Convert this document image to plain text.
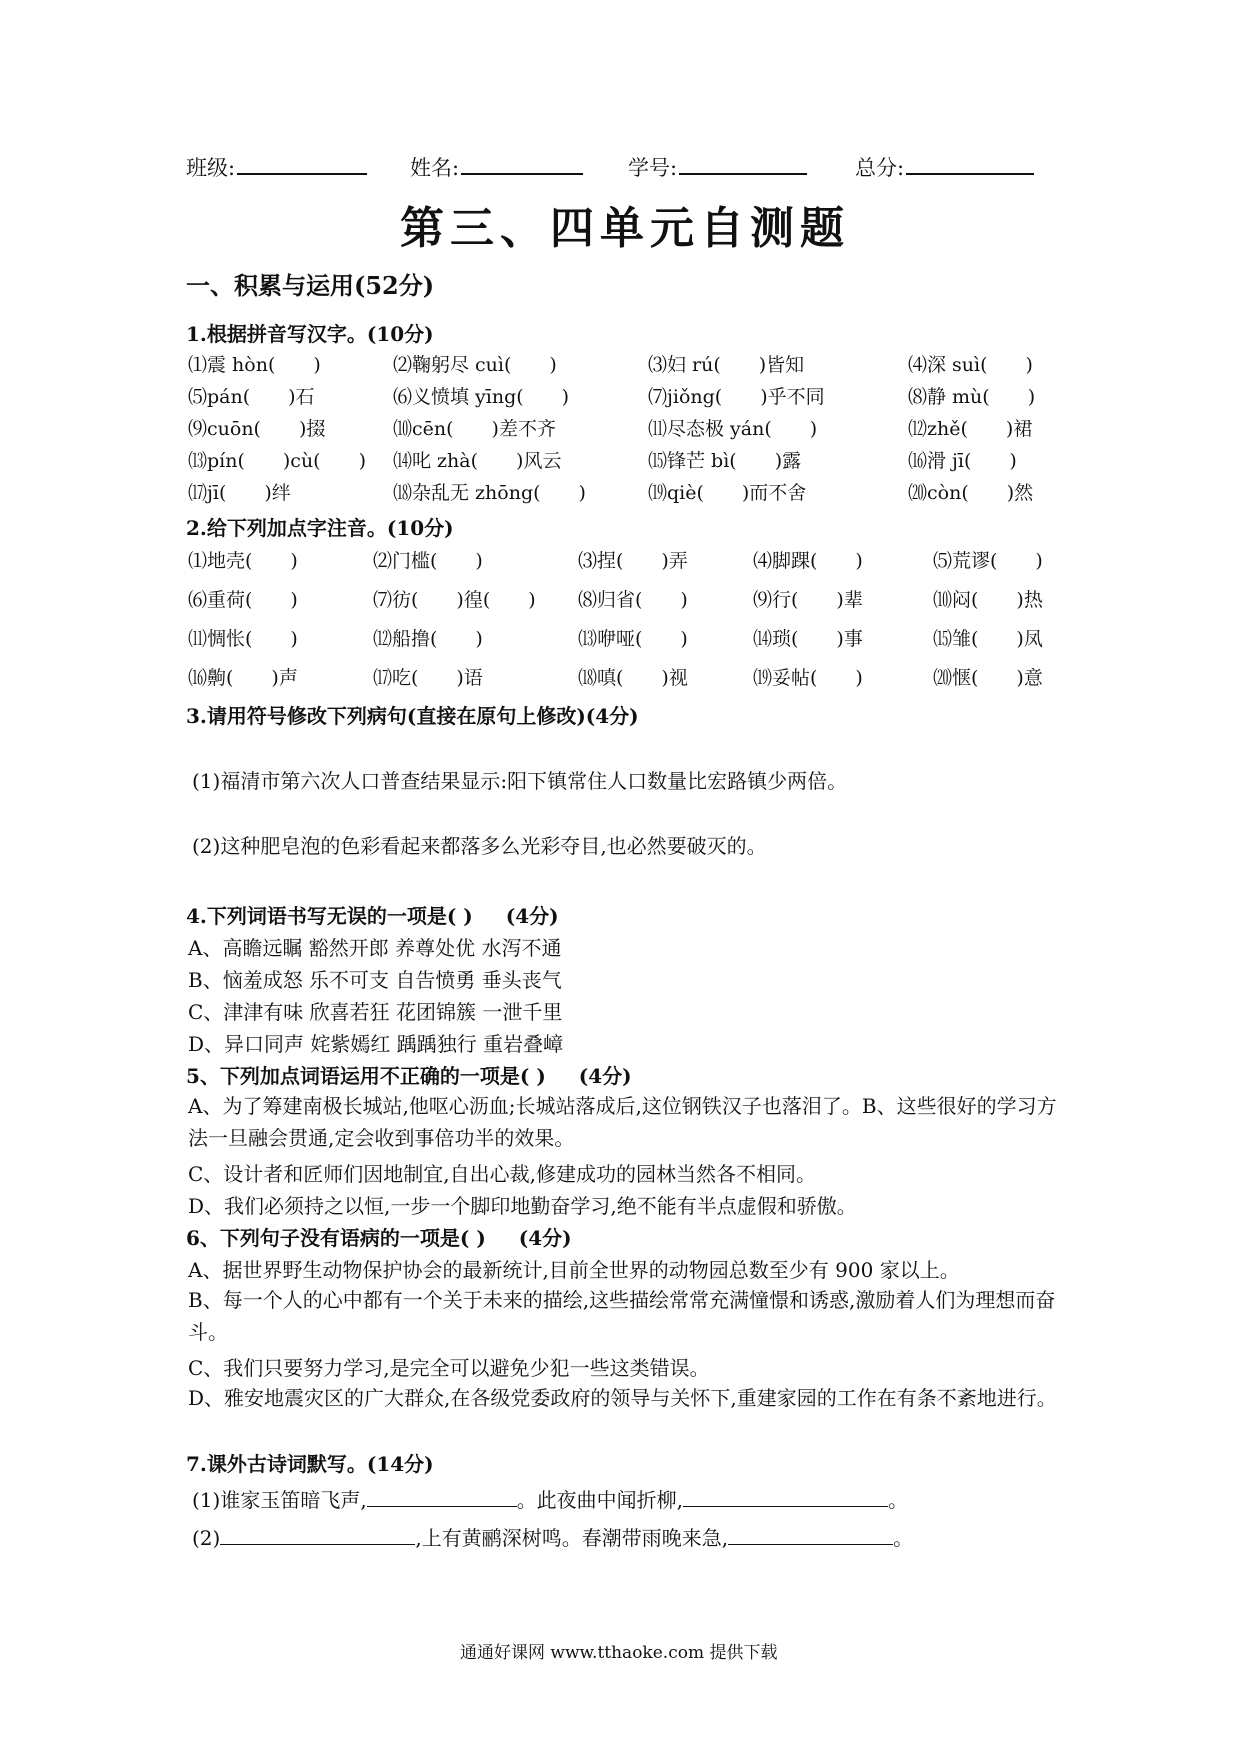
班级:	姓名:	学号:	总分:
第三、四单元自测题
一、积累与运用(52分)
1.根据拼音写汉字。(10分)
⑴震 hòn(　　)	⑵鞠躬尽 cuì(　　)	⑶妇 rú(　　)皆知	⑷深 suì(　　)
⑸pán(　　)石	⑹义愤填 yīng(　　)	⑺jiǒng(　　)乎不同	⑻静 mù(　　)
⑼cuōn(　　)掇	⑽cēn(　　)差不齐	⑾尽态极 yán(　　)	⑿zhě(　　)裙
⒀pín(　　)cù(　　) ⒁叱 zhà(　　)风云	⒂锋芒 bì(　　)露	⒃滑 jī(　　)
⒄jī(　　)绊	⒅杂乱无 zhōng(　　)	⒆qiè(　　)而不舍	⒇còn(　　)然
2.给下列加点字注音。(10分)
⑴地壳(　　)	⑵门槛(　　)	⑶捏(　　)弄	⑷脚踝(　　)	⑸荒谬(　　)
⑹重荷(　　)	⑺彷(　　)徨(　　) ⑻归省(　　)	⑼行(　　)辈	⑽闷(　　)热
⑾惆怅(　　)	⑿船撸(　　)	⒀咿哑(　　)	⒁琐(　　)事	⒂雏(　　)凤
⒃齁(　　)声	⒄吃(　　)语	⒅嗔(　　)视	⒆妥帖(　　)	⒇惬(　　)意
3.请用符号修改下列病句(直接在原句上修改)(4分)
(1)福清市第六次人口普查结果显示:阳下镇常住人口数量比宏路镇少两倍。
(2)这种肥皂泡的色彩看起来都落多么光彩夺目,也必然要破灭的。
4.下列词语书写无误的一项是( ) (4分)
A、高瞻远瞩 豁然开郎 养尊处优 水泻不通
B、恼羞成怒 乐不可支 自告愤勇 垂头丧气
C、津津有味 欣喜若狂 花团锦簇 一泄千里
D、异口同声 姹紫嫣红 踽踽独行 重岩叠嶂
5、下列加点词语运用不正确的一项是( ) (4分)
A、为了筹建南极长城站,他呕心沥血;长城站落成后,这位钢铁汉子也落泪了。B、这些很好的学习方法一旦融会贯通,定会收到事倍功半的效果。
C、设计者和匠师们因地制宜,自出心裁,修建成功的园林当然各不相同。
D、我们必须持之以恒,一步一个脚印地勤奋学习,绝不能有半点虚假和骄傲。
6、下列句子没有语病的一项是( ) (4分)
A、据世界野生动物保护协会的最新统计,目前全世界的动物园总数至少有 900 家以上。
B、每一个人的心中都有一个关于未来的描绘,这些描绘常常充满憧憬和诱惑,激励着人们为理想而奋斗。
C、我们只要努力学习,是完全可以避免少犯一些这类错误。
D、雅安地震灾区的广大群众,在各级党委政府的领导与关怀下,重建家园的工作在有条不紊地进行。
7.课外古诗词默写。(14分)
(1)谁家玉笛暗飞声,	。此夜曲中闻折柳,	。
(2)	,上有黄鹂深树鸣。春潮带雨晚来急,	。
通通好课网 www.tthaoke.com 提供下载
